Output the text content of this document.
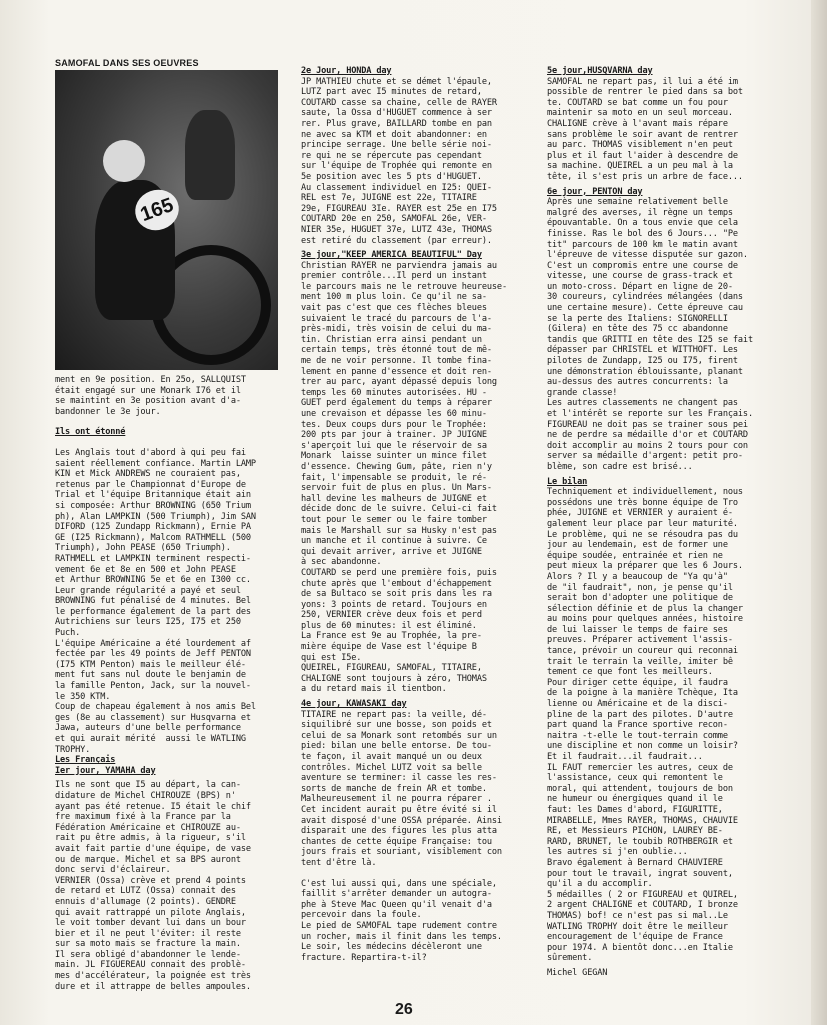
SAMOFAL DANS SES OEUVRES
165

ment en 9e position. En 25o, SALLQUIST
était engagé sur une Monark I76 et il
se maintint en 3e position avant d'a-
bandonner le 3e jour.

Ils ont étonné

Les Anglais tout d'abord à qui peu fai
saient réellement confiance. Martin LAMP
KIN et Mick ANDREWS ne couraient pas,
retenus par le Championnat d'Europe de
Trial et l'équipe Britannique était ain
si composée: Arthur BROWNING (650 Trium
ph), Alan LAMPKIN (500 Triumph), Jim SAN
DIFORD (125 Zundapp Rickmann), Ernie PA
GE (I25 Rickmann), Malcom RATHMELL (500
Triumph), John PEASE (650 Triumph).
RATHMELL et LAMPKIN terminent respecti-
vement 6e et 8e en 500 et John PEASE
et Arthur BROWNING 5e et 6e en I300 cc.
Leur grande régularité a payé et seul
BROWNING fut pénalisé de 4 minutes. Bel
le performance également de la part des
Autrichiens sur leurs I25, I75 et 250
Puch.
L'équipe Américaine a été lourdement af
fectée par les 49 points de Jeff PENTON
(I75 KTM Penton) mais le meilleur élé-
ment fut sans nul doute le benjamin de
la famille Penton, Jack, sur la nouvel-
le 350 KTM.
Coup de chapeau également à nos amis Bel
ges (8e au classement) sur Husqvarna et
Jawa, auteurs d'une belle performance
et qui aurait mérité  aussi le WATLING
TROPHY.

Les Français

Ier jour, YAMAHA day

Ils ne sont que I5 au départ, la can-
didature de Michel CHIROUZE (BPS) n'
ayant pas été retenue. I5 était le chif
fre maximum fixé à la France par la
Fédération Américaine et CHIROUZE au-
rait pu être admis, à la rigueur, s'il
avait fait partie d'une équipe, de vase
ou de marque. Michel et sa BPS auront
donc servi d'éclaireur.
VERNIER (Ossa) crève et prend 4 points
de retard et LUTZ (Ossa) connait des
ennuis d'allumage (2 points). GENDRE
qui avait rattrappé un pilote Anglais,
le voit tomber devant lui dans un bour
bier et il ne peut l'éviter: il reste
sur sa moto mais se fracture la main.
Il sera obligé d'abandonner le lende-
main. JL FIGUEREAU connait des problè-
mes d'accélérateur, la poignée est très
dure et il attrappe de belles ampoules.

2e Jour, HONDA day

JP MATHIEU chute et se démet l'épaule,
LUTZ part avec I5 minutes de retard,
COUTARD casse sa chaine, celle de RAYER
saute, la Ossa d'HUGUET commence à ser
rer. Plus grave, BAILLARD tombe en pan
ne avec sa KTM et doit abandonner: en
principe serrage. Une belle série noi-
re qui ne se répercute pas cependant
sur l'équipe de Trophée qui remonte en
5e position avec les 5 pts d'HUGUET.
Au classement individuel en I25: QUEI-
REL est 7e, JUIGNE est 22e, TITAIRE
29e, FIGUREAU 3Ie. RAYER est 25e en I75
COUTARD 20e en 250, SAMOFAL 26e, VER-
NIER 35e, HUGUET 37e, LUTZ 43e, THOMAS
est retiré du classement (par erreur).

3e jour,"KEEP AMERICA BEAUTIFUL" Day

Christian RAYER ne parviendra jamais au
premier contrôle...Il perd un instant
le parcours mais ne le retrouve heureuse-
ment 100 m plus loin. Ce qu'il ne sa-
vait pas c'est que ces flèches bleues
suivaient le tracé du parcours de l'a-
près-midi, très voisin de celui du ma-
tin. Christian erra ainsi pendant un
certain temps, très étonné tout de mê-
me de ne voir personne. Il tombe fina-
lement en panne d'essence et doit ren-
trer au parc, ayant dépassé depuis long
temps les 60 minutes autorisées. HU -
GUET perd également du temps à réparer
une crevaison et dépasse les 60 minu-
tes. Deux coups durs pour le Trophée:
200 pts par jour à trainer. JP JUIGNE
s'aperçoit lui que le réservoir de sa
Monark  laisse suinter un mince filet
d'essence. Chewing Gum, pâte, rien n'y
fait, l'impensable se produit, le ré-
servoir fuit de plus en plus. Un Mars-
hall devine les malheurs de JUIGNE et
décide donc de le suivre. Celui-ci fait
tout pour le semer ou le faire tomber
mais le Marshall sur sa Husky n'est pas
un manche et il continue à suivre. Ce
qui devait arriver, arrive et JUIGNE
à sec abandonne.
COUTARD se perd une première fois, puis
chute après que l'embout d'échappement
de sa Bultaco se soit pris dans les ra
yons: 3 points de retard. Toujours en
250, VERNIER crève deux fois et perd
plus de 60 minutes: il est éliminé.
La France est 9e au Trophée, la pre-
mière équipe de Vase est l'équipe B
qui est I5e.
QUEIREL, FIGUREAU, SAMOFAL, TITAIRE,
CHALIGNE sont toujours à zéro, THOMAS
a du retard mais il tientbon.

4e jour, KAWASAKI day

TITAIRE ne repart pas: la veille, dé-
siquilibré sur une bosse, son poids et
celui de sa Monark sont retombés sur un
pied: bilan une belle entorse. De tou-
te façon, il avait manqué un ou deux
contrôles. Michel LUTZ voit sa belle
aventure se terminer: il casse les res-
sorts de manche de frein AR et tombe.
Malheureusement il ne pourra réparer .
Cet incident aurait pu être évité si il
avait disposé d'une OSSA préparée. Ainsi
disparait une des figures les plus atta
chantes de cette équipe Française: tou
jours frais et souriant, visiblement con
tent d'être là.

C'est lui aussi qui, dans une spéciale,
faillit s'arrêter demander un autogra-
phe à Steve Mac Queen qu'il venait d'a
percevoir dans la foule.
Le pied de SAMOFAL tape rudement contre
un rocher, mais il finit dans les temps.
Le soir, les médecins décèleront une
fracture. Repartira-t-il?

5e jour,HUSQVARNA day

SAMOFAL ne repart pas, il lui a été im
possible de rentrer le pied dans sa bot
te. COUTARD se bat comme un fou pour
maintenir sa moto en un seul morceau.
CHALIGNE crève à l'avant mais répare
sans problème le soir avant de rentrer
au parc. THOMAS visiblement n'en peut
plus et il faut l'aider à descendre de
sa machine. QUEIREL a un peu mal à la
tête, il s'est pris un arbre de face...

6e jour, PENTON day

Après une semaine relativement belle
malgré des averses, il règne un temps
épouvantable. On a tous envie que cela
finisse. Ras le bol des 6 Jours... "Pe
tit" parcours de 100 km le matin avant
l'épreuve de vitesse disputée sur gazon.
C'est un compromis entre une course de
vitesse, une course de grass-track et
un moto-cross. Départ en ligne de 20-
30 coureurs, cylindrées mélangées (dans
une certaine mesure). Cette épreuve cau
se la perte des Italiens: SIGNORELLI
(Gilera) en tête des 75 cc abandonne
tandis que GRITTI en tête des I25 se fait
dépasser par CHRISTEL et WITTHOFT. Les
pilotes de Zundapp, I25 ou I75, firent
une démonstration éblouissante, planant
au-dessus des autres concurrents: la
grande classe!
Les autres classements ne changent pas
et l'intérêt se reporte sur les Français.
FIGUREAU ne doit pas se trainer sous pei
ne de perdre sa médaille d'or et COUTARD
doit accomplir au moins 2 tours pour con
server sa médaille d'argent: petit pro-
blème, son cadre est brisé...

Le bilan

Techniquement et individuellement, nous
possédons une très bonne équipe de Tro
phée, JUIGNE et VERNIER y auraient é-
galement leur place par leur maturité.
Le problème, qui ne se résoudra pas du
jour au lendemain, est de former une
équipe soudée, entrainée et rien ne
peut mieux la préparer que les 6 Jours.
Alors ? Il y a beaucoup de "Ya qu'à"
de "il faudrait", non, je pense qu'il
serait bon d'adopter une politique de
sélection définie et de plus la changer
au moins pour quelques années, histoire
de lui laisser le temps de faire ses
preuves. Préparer activement l'assis-
tance, prévoir un coureur qui reconnai
trait le terrain la veille, imiter bê
tement ce que font les meilleurs.
Pour diriger cette équipe, il faudra
de la poigne à la manière Tchèque, Ita
lienne ou Américaine et de la disci-
pline de la part des pilotes. D'autre
part quand la France sportive recon-
naitra -t-elle le tout-terrain comme
une discipline et non comme un loisir?
Et il faudrait...il faudrait...
IL FAUT remercier les autres, ceux de
l'assistance, ceux qui remontent le
moral, qui attendent, toujours de bon
ne humeur ou énergiques quand il le
faut: les Dames d'abord, FIGURITTE,
MIRABELLE, Mmes RAYER, THOMAS, CHAUVIE
RE, et Messieurs PICHON, LAUREY BE-
RARD, BRUNET, le toubib ROTHBERGIR et
les autres si j'en oublie...
Bravo également à Bernard CHAUVIERE
pour tout le travail, ingrat souvent,
qu'il a du accomplir.
5 médailles ( 2 or FIGUREAU et QUIREL,
2 argent CHALIGNE et COUTARD, I bronze
THOMAS) bof! ce n'est pas si mal..Le
WATLING TROPHY doit être le meilleur
encouragement de l'équipe de France
pour 1974. A bientôt donc...en Italie
sûrement.

Michel GEGAN

26
